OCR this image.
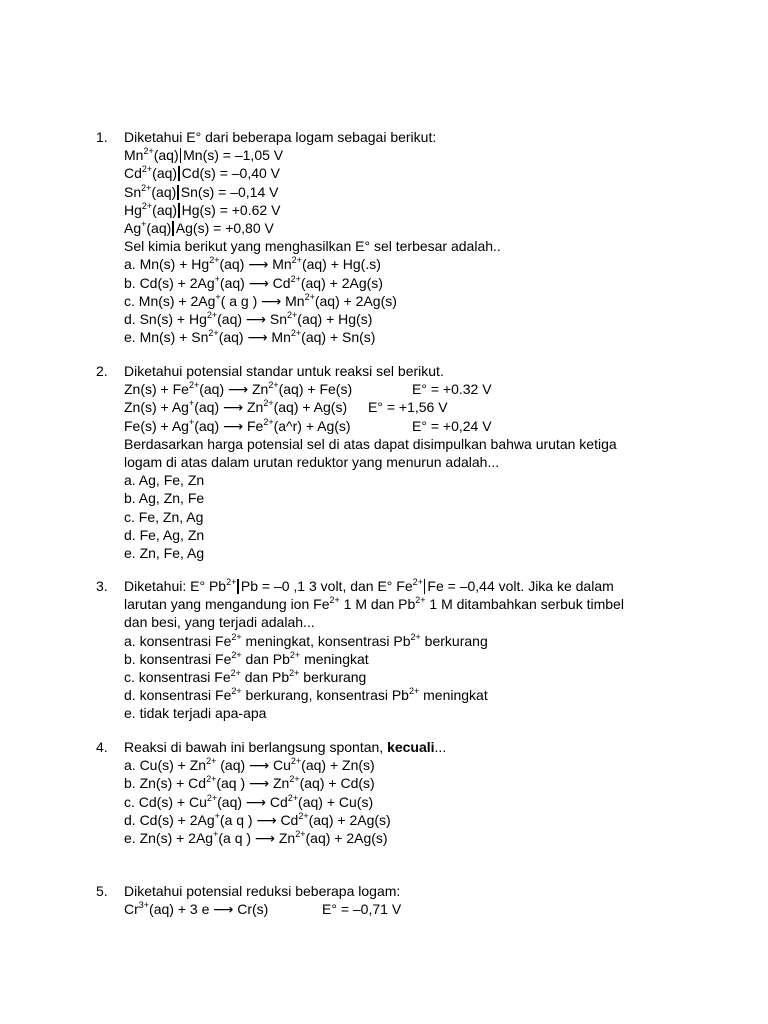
1. Diketahui E° dari beberapa logam sebagai berikut:
$Mn^{2+}(aq) Mn(s) = -1,05$ V
$Cd^{2+}(aq) Cd(s) = -0,40$ V
$Sn^{2+}(aq) Sn(s) = -0,14$ V
$Hg^{2+}(aq) Hg(s) = +0.62$ V
Ag+(aq) Ag(s) = +0,80 V
Sel kimia berikut yang menghasilkan E° sel terbesar adalah..
a. $Mn(s) + Hg^{2+}(aq)$ ⟶ $Mn^{2+}(aq) + Hg(.s)$
b. Cd(s) + 2Ag+(aq) ⟶ $Cd^{2+}(aq) + 2Ag(s)$
c. Mn(s) + 2Ag+( a g ) ⟶ $Mn^{2+}(aq) + 2Ag(s)$
d. $Sn(s) + Hg^{2+}(aq)$ ⟶ $Sn^{2+}(aq) + Hg(s)$
e. $Mn(s) + Sn^{2+}(aq)$ ⟶ $Mn^{2+}(aq) + Sn(s)$
2. Diketahui potensial standar untuk reaksi sel berikut.
$Zn(s) + Fe^{2+}(aq)$ ⟶ $Zn^{2+}(aq) + Fe(s)$	E° = +0.32 V
Zn(s) + Ag+(aq) ⟶ $Zn^{2+}(aq) + Ag(s) E^\circ = +1,56$ V
Fe(s) + Ag+(aq) ⟶ $Fe^{2+}(a\^{}r) + Ag(s)$	E° = +0,24 V
Berdasarkan harga potensial sel di atas dapat disimpulkan bahwa urutan ketiga
logam di atas dalam urutan reduktor yang menurun adalah...
a. Ag, Fe, Zn
b. Ag, Zn, Fe
c. Fe, Zn, Ag
d. Fe, Ag, Zn
e. Zn, Fe, Ag
3. Diketahui: E° $Pb^{2+}$ Pb = –0 ,1 3 volt, dan E° $Fe^{2+}$ Fe = –0,44 volt. Jika ke dalam
larutan yang mengandung ion $Fe^{2+}$ 1 M dan $Pb^{2+}$ 1 M ditambahkan serbuk timbel
dan besi, yang terjadi adalah...
a. konsentrasi $Fe^{2+}$ meningkat, konsentrasi $Pb^{2+}$ berkurang
b. konsentrasi $Fe^{2+}$ dan $Pb^{2+}$ meningkat
c. konsentrasi $Fe^{2+}$ dan $Pb^{2+}$ berkurang
d. konsentrasi $Fe^{2+}$ berkurang, konsentrasi $Pb^{2+}$ meningkat
e. tidak terjadi apa-apa
4. Reaksi di bawah ini berlangsung spontan, kecuali...
a. $Cu(s) + Zn^{2+}$ (aq) ⟶ $Cu^{2+}(aq) + Zn(s)$
b. $Zn(s) + Cd^{2+}(aq$ ) ⟶ $Zn^{2+}(aq) + Cd(s)$
c. $Cd(s) + Cu^{2+}(aq)$ ⟶ $Cd^{2+}(aq) + Cu(s)$
d. Cd(s) + 2Ag+(a q ) ⟶ $Cd^{2+}(aq) + 2Ag(s)$
e. Zn(s) + 2Ag+(a q ) ⟶ $Zn^{2+}(aq) + 2Ag(s)$
5. Diketahui potensial reduksi beberapa logam:
$Cr^{3+}(aq) + 3$ e ⟶ Cr(s)	E° = –0,71 V
